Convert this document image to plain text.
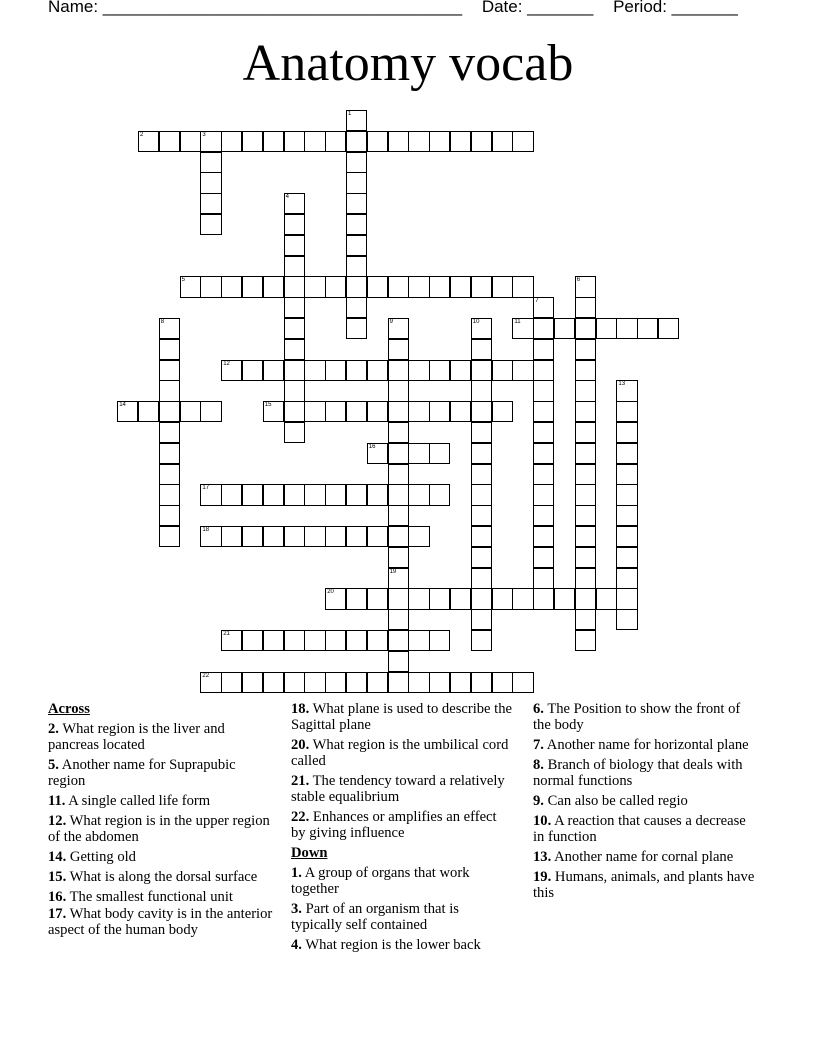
Name: ______________________________________ Date: _______ Period: _______
Anatomy vocab
1
2	3
4
5	6
7
8	9
19
10	11
12
13
14	15
16
17
18
20
21
22
Across
2. What region is the liver and pancreas located
5. Another name for Suprapubic region
11. A single called life form
12. What region is in the upper region of the abdomen
14. Getting old
15. What is along the dorsal surface
16. The smallest functional unit
17. What body cavity is in the anterior aspect of the human body
18. What plane is used to describe the Sagittal plane
20. What region is the umbilical cord called
21. The tendency toward a relatively stable equalibrium
22. Enhances or amplifies an effect by giving influence
Down
1. A group of organs that work together
3. Part of an organism that is typically self contained
4. What region is the lower back
6. The Position to show the front of the body
7. Another name for horizontal plane
8. Branch of biology that deals with normal functions
9. Can also be called regio
10. A reaction that causes a decrease in function
13. Another name for cornal plane
19. Humans, animals, and plants have this
